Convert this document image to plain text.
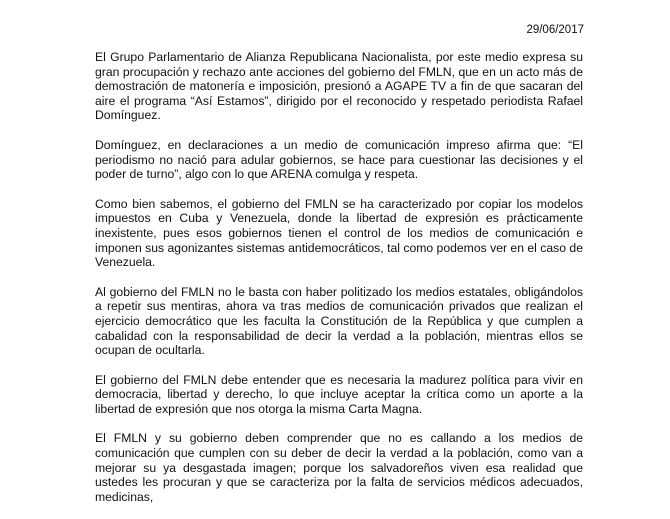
29/06/2017

El Grupo Parlamentario de Alianza Republicana Nacionalista, por este medio expresa su gran procupación y rechazo ante acciones del gobierno del FMLN, que en un acto más de demostración de matonería e imposición, presionó a AGAPE TV a fin de que sacaran del aire el programa “Así Estamos”, dirigido por el reconocido y respetado periodista Rafael Domínguez.

Domínguez, en declaraciones a un medio de comunicación impreso afirma que: “El periodismo no nació para adular gobiernos, se hace para cuestionar las decisiones y el poder de turno”, algo con lo que ARENA comulga y respeta.

Como bien sabemos, el gobierno del FMLN se ha caracterizado por copiar los modelos impuestos en Cuba y Venezuela, donde la libertad de expresión es prácticamente inexistente, pues esos gobiernos tienen el control de los medios de comunicación e imponen sus agonizantes sistemas antidemocráticos, tal como podemos ver en el caso de Venezuela.

Al gobierno del FMLN no le basta con haber politizado los medios estatales, obligándolos a repetir sus mentiras, ahora va tras medios de comunicación privados que realizan el ejercicio democrático que les faculta la Constitución de la República y que cumplen a cabalidad con la responsabilidad de decir la verdad a la población, mientras ellos se ocupan de ocultarla.

El gobierno del FMLN debe entender que es necesaria la madurez política para vivir en democracia, libertad y derecho, lo que incluye aceptar la crítica como un aporte a la libertad de expresión que nos otorga la misma Carta Magna.

El FMLN y su gobierno deben comprender que no es callando a los medios de comunicación que cumplen con su deber de decir la verdad a la población, como van a mejorar su ya desgastada imagen; porque los salvadoreños viven esa realidad que ustedes les procuran y que se caracteriza por la falta de servicios médicos adecuados, medicinas,
